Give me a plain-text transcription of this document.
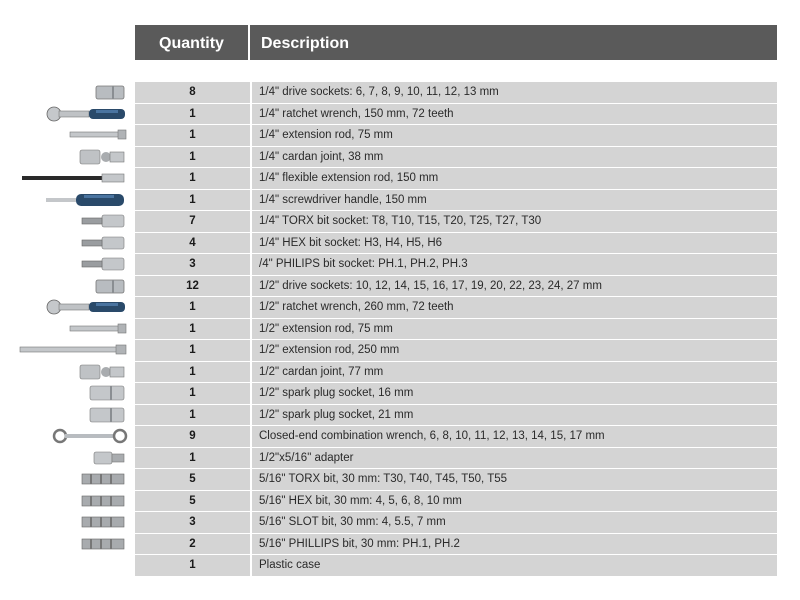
Quantity	Description
8	1/4" drive sockets: 6, 7, 8, 9, 10, 11, 12, 13 mm
1	1/4" ratchet wrench, 150 mm, 72 teeth
1	1/4" extension rod, 75 mm
1	1/4" cardan joint, 38 mm
1	1/4" flexible extension rod, 150 mm
1	1/4" screwdriver handle, 150 mm
7	1/4" TORX bit socket: T8, T10, T15, T20, T25, T27, T30
4	1/4" HEX bit socket: H3, H4, H5, H6
3	/4" PHILIPS bit socket: PH.1, PH.2, PH.3
12	1/2" drive sockets: 10, 12, 14, 15, 16, 17, 19, 20, 22, 23, 24, 27 mm
1	1/2" ratchet wrench, 260 mm, 72 teeth
1	1/2" extension rod, 75 mm
1	1/2" extension rod, 250 mm
1	1/2" cardan joint, 77 mm
1	1/2" spark plug socket, 16 mm
1	1/2" spark plug socket, 21 mm
9	Closed-end combination wrench, 6, 8, 10, 11, 12, 13, 14, 15, 17 mm
1	1/2"x5/16" adapter
5	5/16" TORX bit, 30 mm: T30, T40, T45, T50, T55
5	5/16" HEX bit, 30 mm: 4, 5, 6, 8, 10 mm
3	5/16" SLOT bit, 30 mm: 4, 5.5, 7 mm
2	5/16" PHILLIPS bit, 30 mm: PH.1, PH.2
1	Plastic case
